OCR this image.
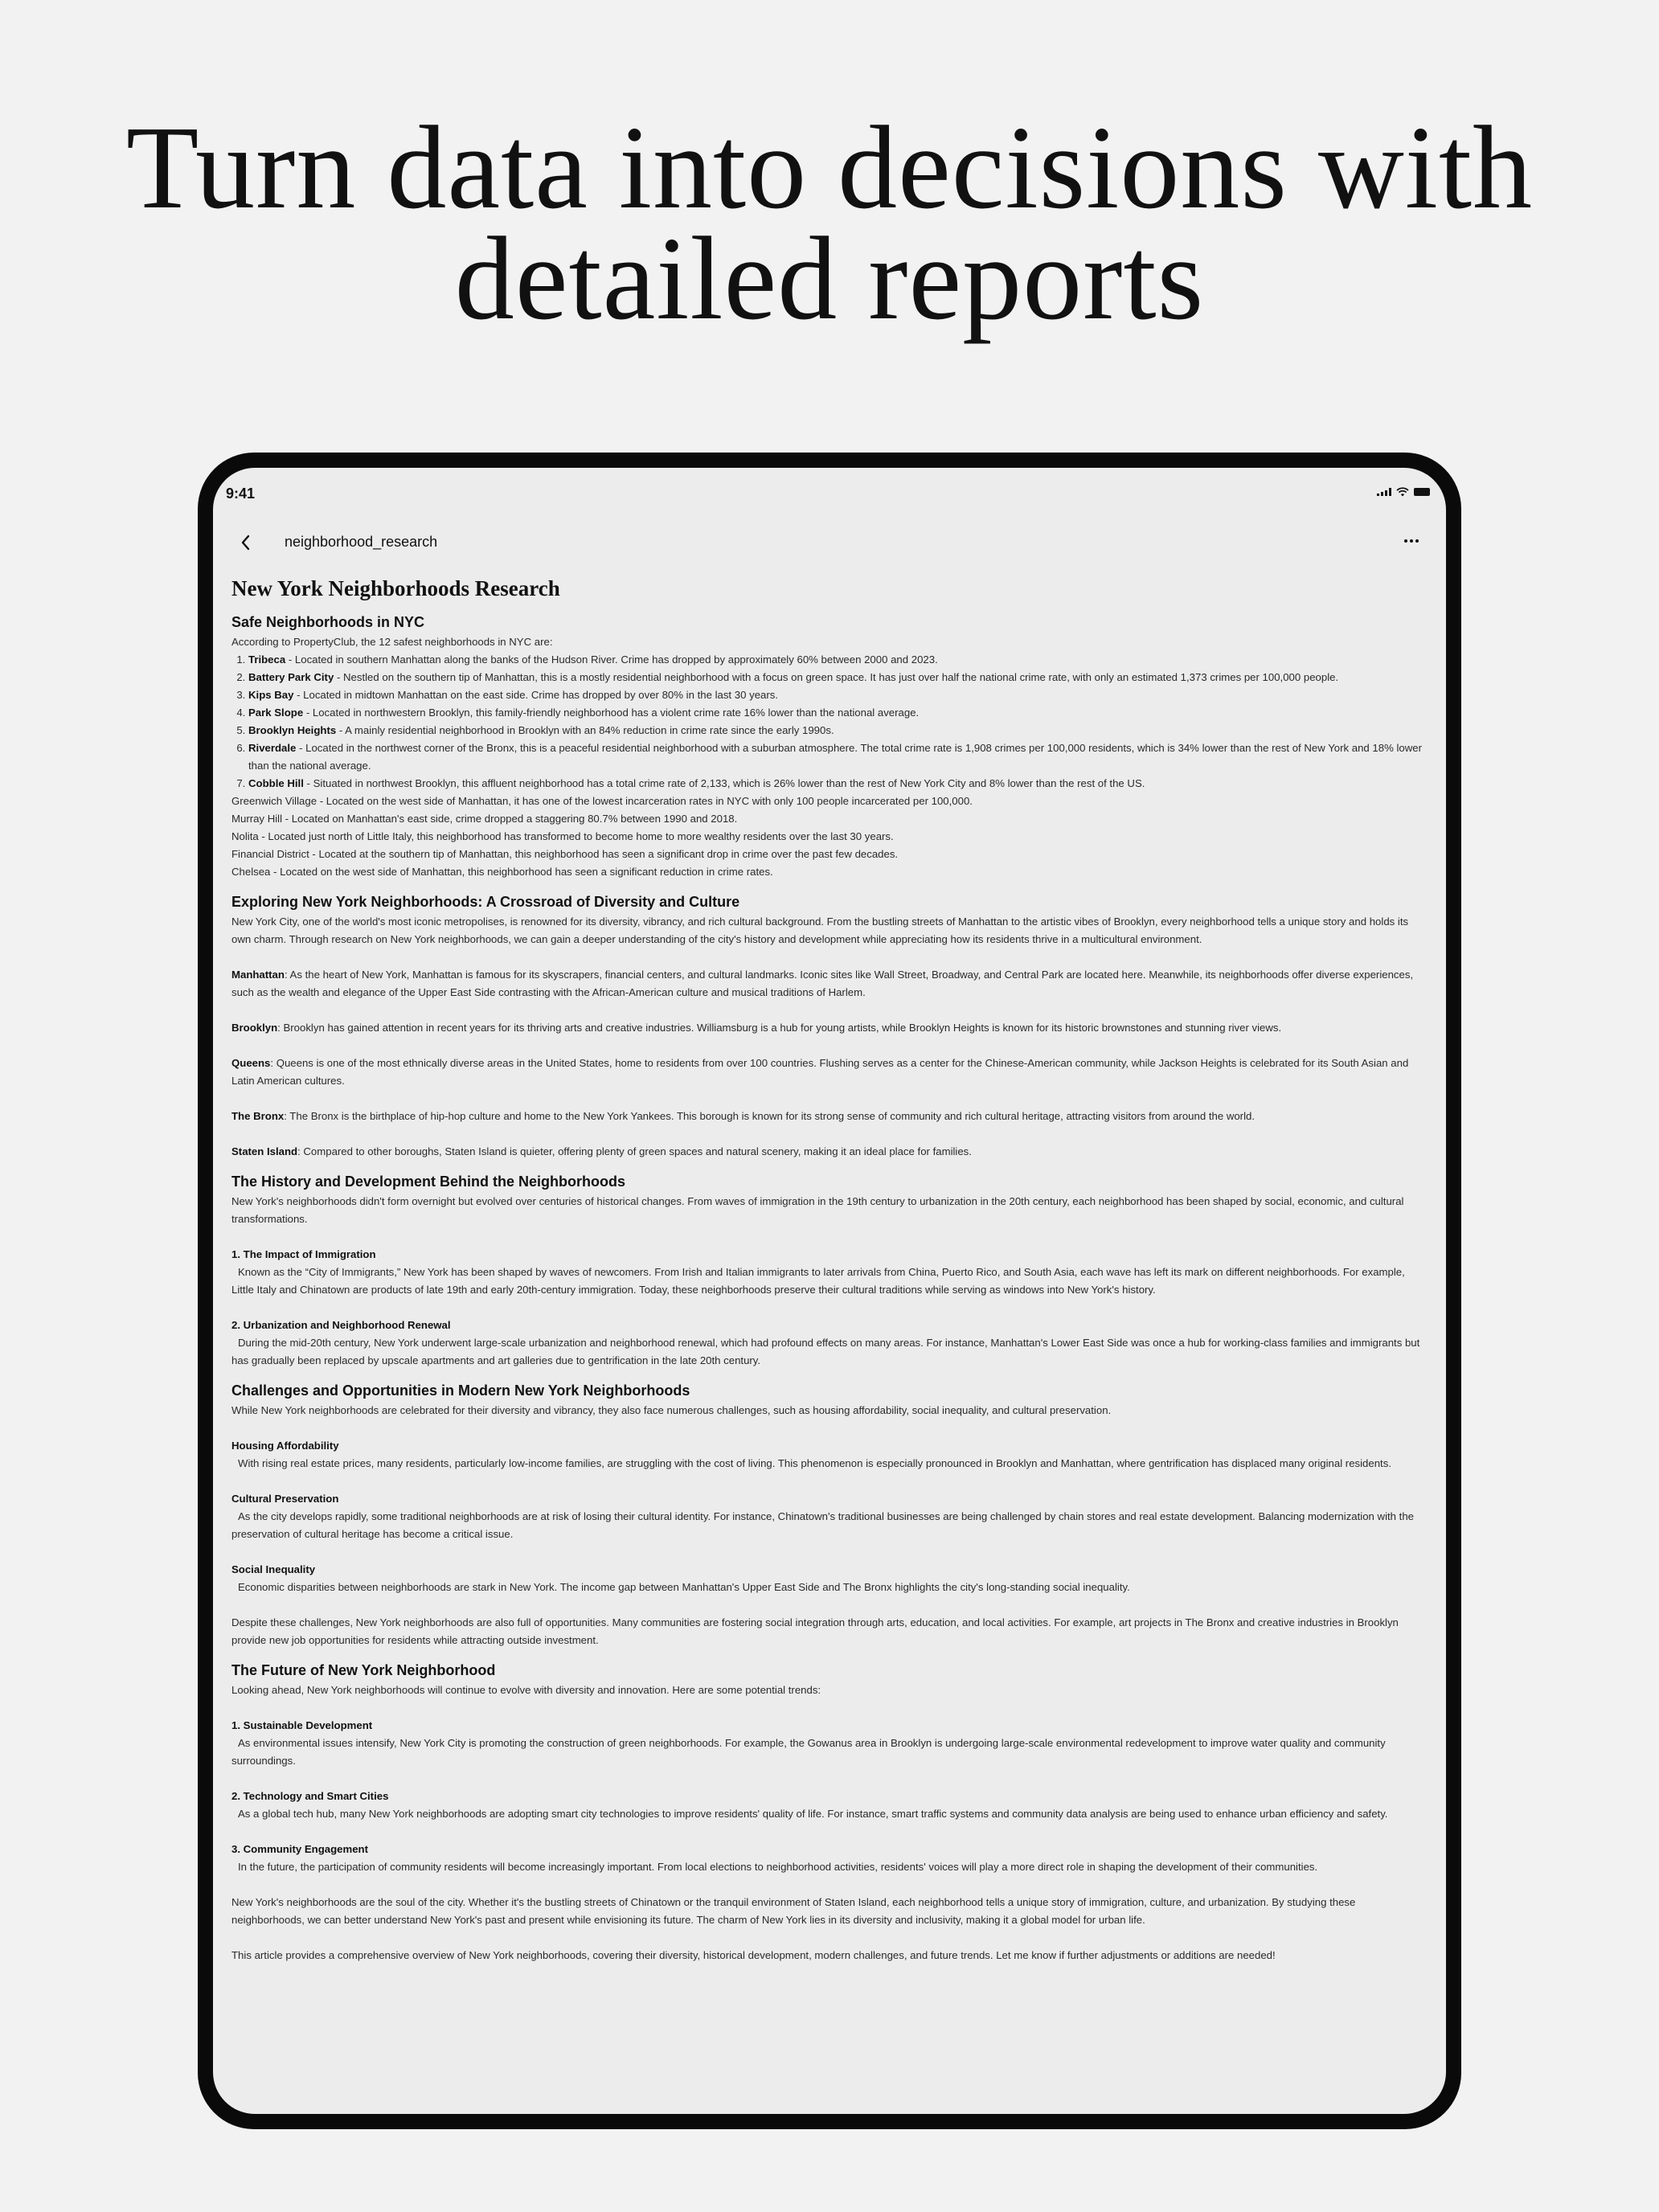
Turn data into decisions with
detailed reports
9:41
neighborhood_research
New York Neighborhoods Research
Safe Neighborhoods in NYC

According to PropertyClub, the 12 safest neighborhoods in NYC are:

1. Tribeca - Located in southern Manhattan along the banks of the Hudson River. Crime has dropped by approximately 60% between 2000 and 2023.
2. Battery Park City - Nestled on the southern tip of Manhattan, this is a mostly residential neighborhood with a focus on green space. It has just over half the national crime rate, with only an estimated 1,373 crimes per 100,000 people.
3. Kips Bay - Located in midtown Manhattan on the east side. Crime has dropped by over 80% in the last 30 years.
4. Park Slope - Located in northwestern Brooklyn, this family-friendly neighborhood has a violent crime rate 16% lower than the national average.
5. Brooklyn Heights - A mainly residential neighborhood in Brooklyn with an 84% reduction in crime rate since the early 1990s.
6. Riverdale - Located in the northwest corner of the Bronx, this is a peaceful residential neighborhood with a suburban atmosphere. The total crime rate is 1,908 crimes per 100,000 residents, which is 34% lower than the rest of New York and 18% lower than the national average.
7. Cobble Hill - Situated in northwest Brooklyn, this affluent neighborhood has a total crime rate of 2,133, which is 26% lower than the rest of New York City and 8% lower than the rest of the US.

Greenwich Village - Located on the west side of Manhattan, it has one of the lowest incarceration rates in NYC with only 100 people incarcerated per 100,000.

Murray Hill - Located on Manhattan's east side, crime dropped a staggering 80.7% between 1990 and 2018.

Nolita - Located just north of Little Italy, this neighborhood has transformed to become home to more wealthy residents over the last 30 years.

Financial District - Located at the southern tip of Manhattan, this neighborhood has seen a significant drop in crime over the past few decades.

Chelsea - Located on the west side of Manhattan, this neighborhood has seen a significant reduction in crime rates.

Exploring New York Neighborhoods: A Crossroad of Diversity and Culture

New York City, one of the world's most iconic metropolises, is renowned for its diversity, vibrancy, and rich cultural background. From the bustling streets of Manhattan to the artistic vibes of Brooklyn, every neighborhood tells a unique story and holds its own charm. Through research on New York neighborhoods, we can gain a deeper understanding of the city's history and development while appreciating how its residents thrive in a multicultural environment.

Manhattan: As the heart of New York, Manhattan is famous for its skyscrapers, financial centers, and cultural landmarks. Iconic sites like Wall Street, Broadway, and Central Park are located here. Meanwhile, its neighborhoods offer diverse experiences, such as the wealth and elegance of the Upper East Side contrasting with the African-American culture and musical traditions of Harlem.

Brooklyn: Brooklyn has gained attention in recent years for its thriving arts and creative industries. Williamsburg is a hub for young artists, while Brooklyn Heights is known for its historic brownstones and stunning river views.

Queens: Queens is one of the most ethnically diverse areas in the United States, home to residents from over 100 countries. Flushing serves as a center for the Chinese-American community, while Jackson Heights is celebrated for its South Asian and Latin American cultures.

The Bronx: The Bronx is the birthplace of hip-hop culture and home to the New York Yankees. This borough is known for its strong sense of community and rich cultural heritage, attracting visitors from around the world.

Staten Island: Compared to other boroughs, Staten Island is quieter, offering plenty of green spaces and natural scenery, making it an ideal place for families.

The History and Development Behind the Neighborhoods

New York's neighborhoods didn't form overnight but evolved over centuries of historical changes. From waves of immigration in the 19th century to urbanization in the 20th century, each neighborhood has been shaped by social, economic, and cultural transformations.

1. The Impact of Immigration

Known as the “City of Immigrants,” New York has been shaped by waves of newcomers. From Irish and Italian immigrants to later arrivals from China, Puerto Rico, and South Asia, each wave has left its mark on different neighborhoods. For example, Little Italy and Chinatown are products of late 19th and early 20th-century immigration. Today, these neighborhoods preserve their cultural traditions while serving as windows into New York's history.

2. Urbanization and Neighborhood Renewal

During the mid-20th century, New York underwent large-scale urbanization and neighborhood renewal, which had profound effects on many areas. For instance, Manhattan's Lower East Side was once a hub for working-class families and immigrants but has gradually been replaced by upscale apartments and art galleries due to gentrification in the late 20th century.

Challenges and Opportunities in Modern New York Neighborhoods

While New York neighborhoods are celebrated for their diversity and vibrancy, they also face numerous challenges, such as housing affordability, social inequality, and cultural preservation.

Housing Affordability

With rising real estate prices, many residents, particularly low-income families, are struggling with the cost of living. This phenomenon is especially pronounced in Brooklyn and Manhattan, where gentrification has displaced many original residents.

Cultural Preservation

As the city develops rapidly, some traditional neighborhoods are at risk of losing their cultural identity. For instance, Chinatown's traditional businesses are being challenged by chain stores and real estate development. Balancing modernization with the preservation of cultural heritage has become a critical issue.

Social Inequality

Economic disparities between neighborhoods are stark in New York. The income gap between Manhattan's Upper East Side and The Bronx highlights the city's long-standing social inequality.

Despite these challenges, New York neighborhoods are also full of opportunities. Many communities are fostering social integration through arts, education, and local activities. For example, art projects in The Bronx and creative industries in Brooklyn provide new job opportunities for residents while attracting outside investment.

The Future of New York Neighborhood

Looking ahead, New York neighborhoods will continue to evolve with diversity and innovation. Here are some potential trends:

1. Sustainable Development

As environmental issues intensify, New York City is promoting the construction of green neighborhoods. For example, the Gowanus area in Brooklyn is undergoing large-scale environmental redevelopment to improve water quality and community surroundings.

2. Technology and Smart Cities

As a global tech hub, many New York neighborhoods are adopting smart city technologies to improve residents' quality of life. For instance, smart traffic systems and community data analysis are being used to enhance urban efficiency and safety.

3. Community Engagement

In the future, the participation of community residents will become increasingly important. From local elections to neighborhood activities, residents' voices will play a more direct role in shaping the development of their communities.

New York's neighborhoods are the soul of the city. Whether it's the bustling streets of Chinatown or the tranquil environment of Staten Island, each neighborhood tells a unique story of immigration, culture, and urbanization. By studying these neighborhoods, we can better understand New York's past and present while envisioning its future. The charm of New York lies in its diversity and inclusivity, making it a global model for urban life.

This article provides a comprehensive overview of New York neighborhoods, covering their diversity, historical development, modern challenges, and future trends. Let me know if further adjustments or additions are needed!
